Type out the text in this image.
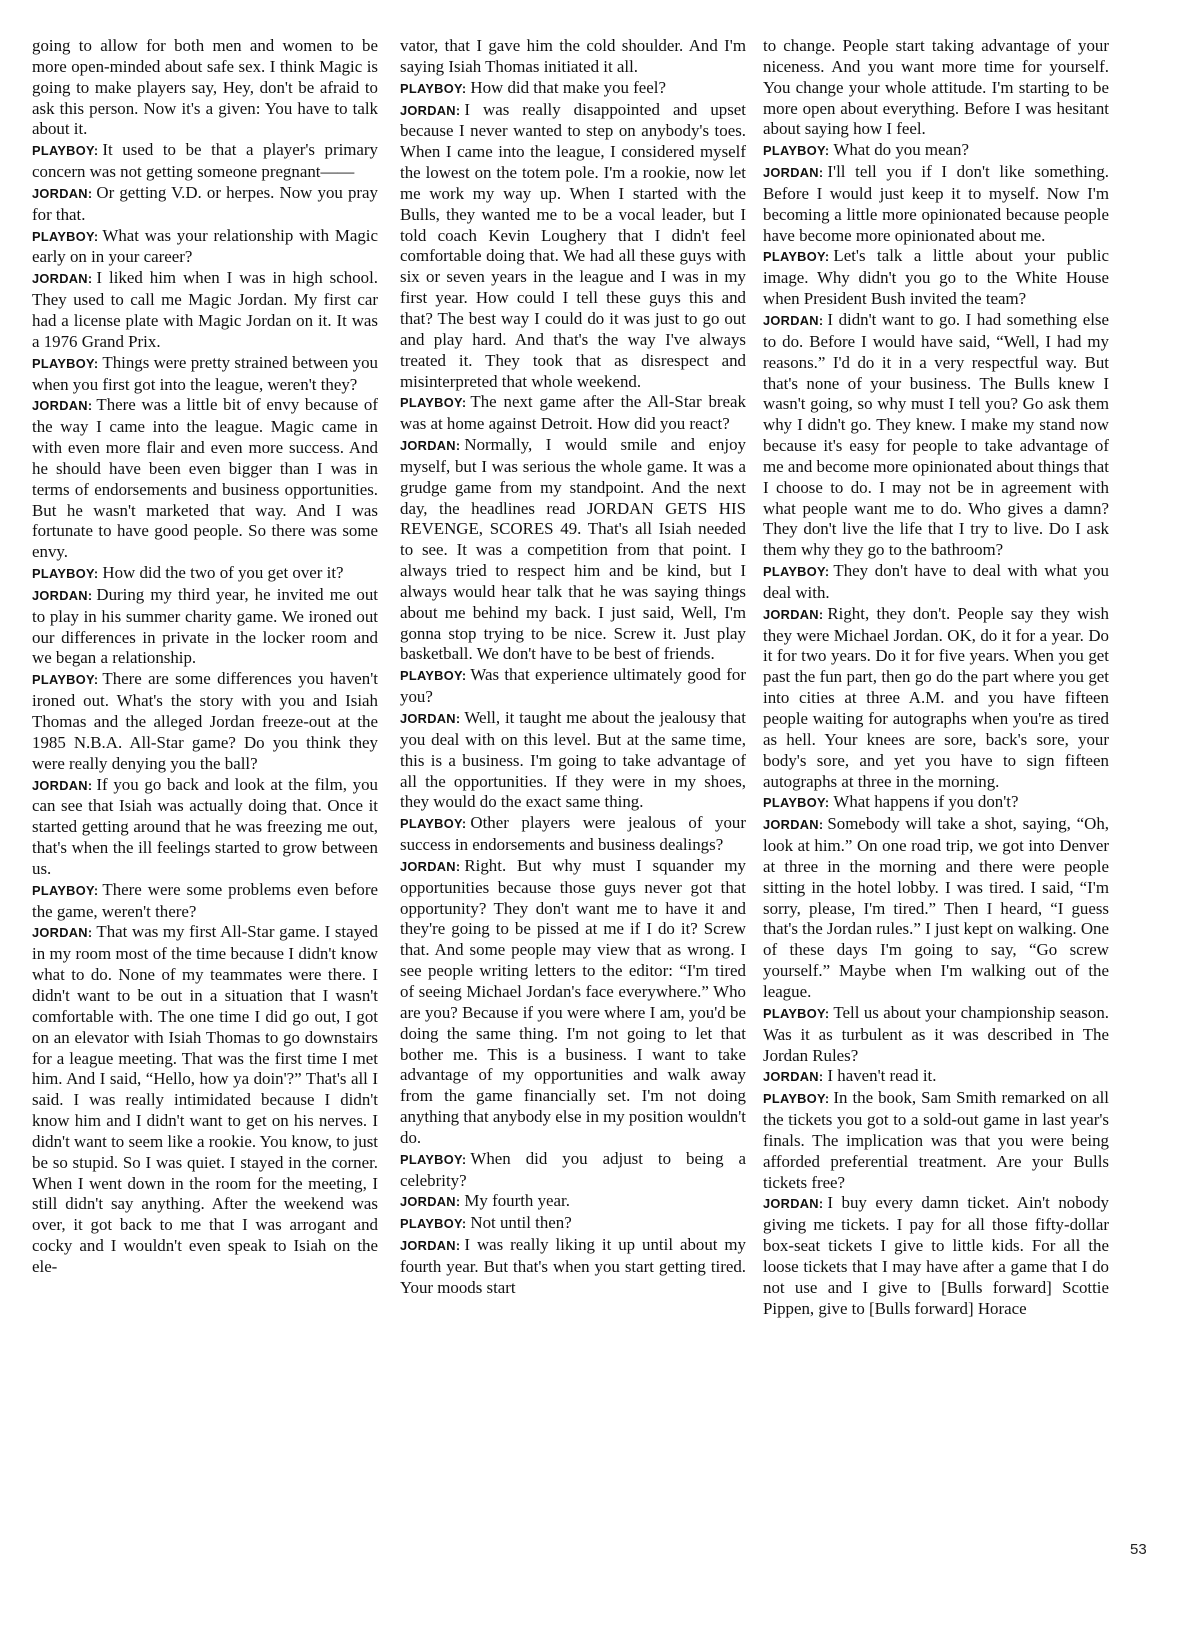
going to allow for both men and women to be more open-minded about safe sex. I think Magic is going to make players say, Hey, don't be afraid to ask this person. Now it's a given: You have to talk about it.

PLAYBOY: It used to be that a player's primary concern was not getting someone pregnant——

JORDAN: Or getting V.D. or herpes. Now you pray for that.

PLAYBOY: What was your relationship with Magic early on in your career?

JORDAN: I liked him when I was in high school. They used to call me Magic Jordan. My first car had a license plate with Magic Jordan on it. It was a 1976 Grand Prix.

PLAYBOY: Things were pretty strained between you when you first got into the league, weren't they?

JORDAN: There was a little bit of envy because of the way I came into the league. Magic came in with even more flair and even more success. And he should have been even bigger than I was in terms of endorsements and business opportunities. But he wasn't marketed that way. And I was fortunate to have good people. So there was some envy.

PLAYBOY: How did the two of you get over it?

JORDAN: During my third year, he invited me out to play in his summer charity game. We ironed out our differences in private in the locker room and we began a relationship.

PLAYBOY: There are some differences you haven't ironed out. What's the story with you and Isiah Thomas and the alleged Jordan freeze-out at the 1985 N.B.A. All-Star game? Do you think they were really denying you the ball?

JORDAN: If you go back and look at the film, you can see that Isiah was actually doing that. Once it started getting around that he was freezing me out, that's when the ill feelings started to grow between us.

PLAYBOY: There were some problems even before the game, weren't there?

JORDAN: That was my first All-Star game. I stayed in my room most of the time because I didn't know what to do. None of my teammates were there. I didn't want to be out in a situation that I wasn't comfortable with. The one time I did go out, I got on an elevator with Isiah Thomas to go downstairs for a league meeting. That was the first time I met him. And I said, “Hello, how ya doin'?” That's all I said. I was really intimidated because I didn't know him and I didn't want to get on his nerves. I didn't want to seem like a rookie. You know, to just be so stupid. So I was quiet. I stayed in the corner. When I went down in the room for the meeting, I still didn't say anything. After the weekend was over, it got back to me that I was arrogant and cocky and I wouldn't even speak to Isiah on the ele-

vator, that I gave him the cold shoulder. And I'm saying Isiah Thomas initiated it all.

PLAYBOY: How did that make you feel?

JORDAN: I was really disappointed and upset because I never wanted to step on anybody's toes. When I came into the league, I considered myself the lowest on the totem pole. I'm a rookie, now let me work my way up. When I started with the Bulls, they wanted me to be a vocal leader, but I told coach Kevin Loughery that I didn't feel comfortable doing that. We had all these guys with six or seven years in the league and I was in my first year. How could I tell these guys this and that? The best way I could do it was just to go out and play hard. And that's the way I've always treated it. They took that as disrespect and misinterpreted that whole weekend.

PLAYBOY: The next game after the All-Star break was at home against Detroit. How did you react?

JORDAN: Normally, I would smile and enjoy myself, but I was serious the whole game. It was a grudge game from my standpoint. And the next day, the headlines read JORDAN GETS HIS REVENGE, SCORES 49. That's all Isiah needed to see. It was a competition from that point. I always tried to respect him and be kind, but I always would hear talk that he was saying things about me behind my back. I just said, Well, I'm gonna stop trying to be nice. Screw it. Just play basketball. We don't have to be best of friends.

PLAYBOY: Was that experience ultimately good for you?

JORDAN: Well, it taught me about the jealousy that you deal with on this level. But at the same time, this is a business. I'm going to take advantage of all the opportunities. If they were in my shoes, they would do the exact same thing.

PLAYBOY: Other players were jealous of your success in endorsements and business dealings?

JORDAN: Right. But why must I squander my opportunities because those guys never got that opportunity? They don't want me to have it and they're going to be pissed at me if I do it? Screw that. And some people may view that as wrong. I see people writing letters to the editor: “I'm tired of seeing Michael Jordan's face everywhere.” Who are you? Because if you were where I am, you'd be doing the same thing. I'm not going to let that bother me. This is a business. I want to take advantage of my opportunities and walk away from the game financially set. I'm not doing anything that anybody else in my position wouldn't do.

PLAYBOY: When did you adjust to being a celebrity?

JORDAN: My fourth year.

PLAYBOY: Not until then?

JORDAN: I was really liking it up until about my fourth year. But that's when you start getting tired. Your moods start

to change. People start taking advantage of your niceness. And you want more time for yourself. You change your whole attitude. I'm starting to be more open about everything. Before I was hesitant about saying how I feel.

PLAYBOY: What do you mean?

JORDAN: I'll tell you if I don't like something. Before I would just keep it to myself. Now I'm becoming a little more opinionated because people have become more opinionated about me.

PLAYBOY: Let's talk a little about your public image. Why didn't you go to the White House when President Bush invited the team?

JORDAN: I didn't want to go. I had something else to do. Before I would have said, “Well, I had my reasons.” I'd do it in a very respectful way. But that's none of your business. The Bulls knew I wasn't going, so why must I tell you? Go ask them why I didn't go. They knew. I make my stand now because it's easy for people to take advantage of me and become more opinionated about things that I choose to do. I may not be in agreement with what people want me to do. Who gives a damn? They don't live the life that I try to live. Do I ask them why they go to the bathroom?

PLAYBOY: They don't have to deal with what you deal with.

JORDAN: Right, they don't. People say they wish they were Michael Jordan. OK, do it for a year. Do it for two years. Do it for five years. When you get past the fun part, then go do the part where you get into cities at three A.M. and you have fifteen people waiting for autographs when you're as tired as hell. Your knees are sore, back's sore, your body's sore, and yet you have to sign fifteen autographs at three in the morning.

PLAYBOY: What happens if you don't?

JORDAN: Somebody will take a shot, saying, “Oh, look at him.” On one road trip, we got into Denver at three in the morning and there were people sitting in the hotel lobby. I was tired. I said, “I'm sorry, please, I'm tired.” Then I heard, “I guess that's the Jordan rules.” I just kept on walking. One of these days I'm going to say, “Go screw yourself.” Maybe when I'm walking out of the league.

PLAYBOY: Tell us about your championship season. Was it as turbulent as it was described in The Jordan Rules?

JORDAN: I haven't read it.

PLAYBOY: In the book, Sam Smith remarked on all the tickets you got to a sold-out game in last year's finals. The implication was that you were being afforded preferential treatment. Are your Bulls tickets free?

JORDAN: I buy every damn ticket. Ain't nobody giving me tickets. I pay for all those fifty-dollar box-seat tickets I give to little kids. For all the loose tickets that I may have after a game that I do not use and I give to [Bulls forward] Scottie Pippen, give to [Bulls forward] Horace

53
